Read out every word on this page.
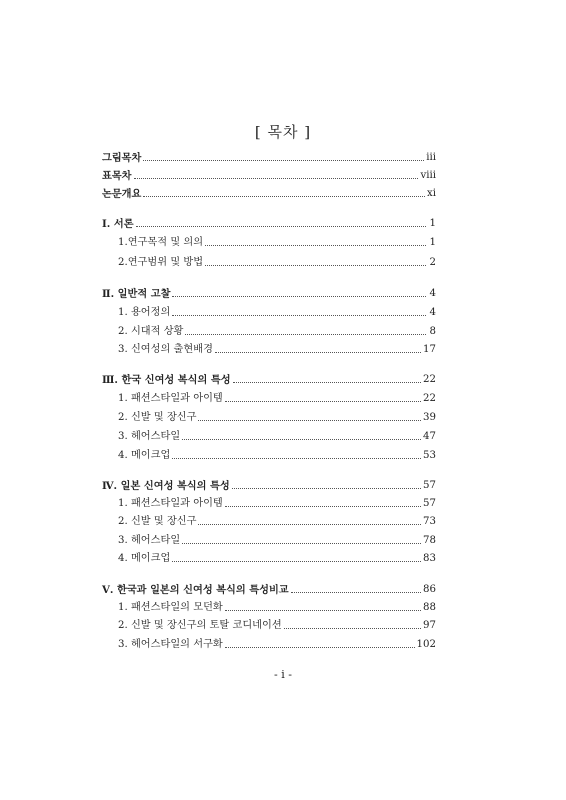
[ 목차 ]
그림목차	iii
표목차	viii
논문개요	xi
Ⅰ. 서론	1
1.연구목적 및 의의	1
2.연구범위 및 방법	2
Ⅱ. 일반적 고찰	4
1. 용어정의	4
2. 시대적 상황	8
3. 신여성의 출현배경	17
Ⅲ. 한국 신여성 복식의 특성	22
1. 패션스타일과 아이템	22
2. 신발 및 장신구	39
3. 헤어스타일	47
4. 메이크업	53
Ⅳ. 일본 신여성 복식의 특성	57
1. 패션스타일과 아이템	57
2. 신발 및 장신구	73
3. 헤어스타일	78
4. 메이크업	83
Ⅴ. 한국과 일본의 신여성 복식의 특성비교	86
1. 패션스타일의 모던화	88
2. 신발 및 장신구의 토탈 코디네이션	97
3. 헤어스타일의 서구화	102
- i -
